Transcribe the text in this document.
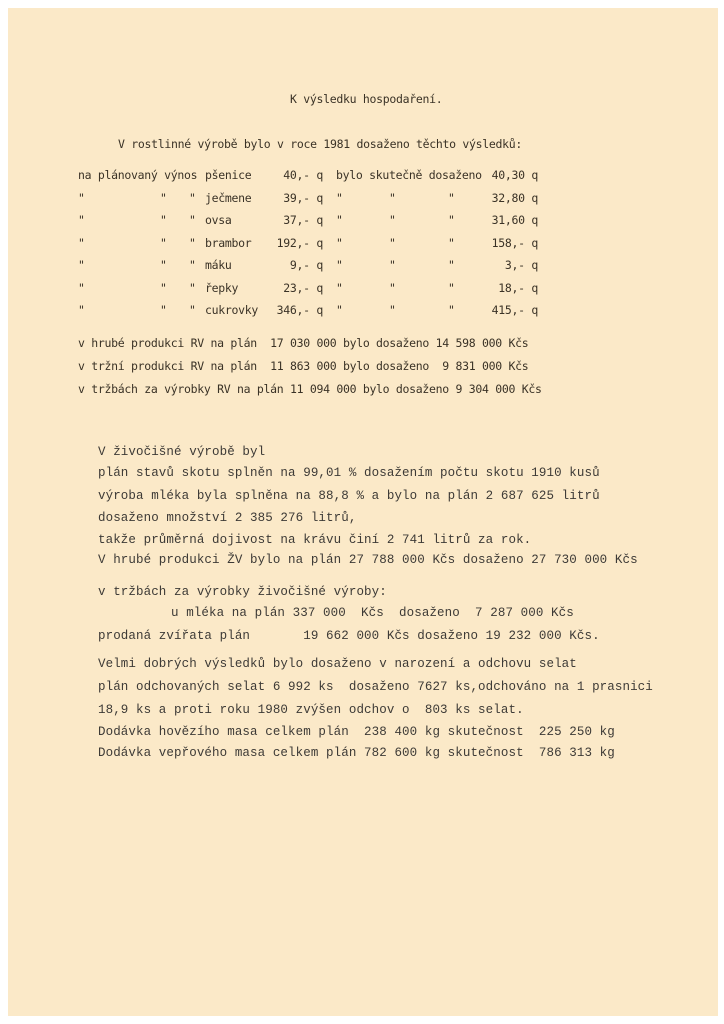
K výsledku hospodaření.
V rostlinné výrobě bylo v roce 1981 dosaženo těchto výsledků:
na plánovaný výnos pšenice	40,- q bylo skutečně dosaženo 40,30 q
"	" " ječmene	39,- q "	"	"	32,80 q
"	" " ovsa	37,- q "	"	"	31,60 q
"	" " brambor	192,- q "	"	"	158,- q
"	" " máku	9,- q "	"	"	3,- q
"	" " řepky	23,- q "	"	"	18,- q
"	" " cukrovky	346,- q "	"	"	415,- q
v hrubé produkci RV na plán  17 030 000 bylo dosaženo 14 598 000 Kčs
v tržní produkci RV na plán  11 863 000 bylo dosaženo  9 831 000 Kčs
v tržbách za výrobky RV na plán 11 094 000 bylo dosaženo 9 304 000 Kčs
V živočišné výrobě byl
plán stavů skotu splněn na 99,01 % dosažením počtu skotu 1910 kusů
výroba mléka byla splněna na 88,8 % a bylo na plán 2 687 625 litrů
dosaženo množství 2 385 276 litrů,
takže průměrná dojivost na krávu činí 2 741 litrů za rok.
V hrubé produkci ŽV bylo na plán 27 788 000 Kčs dosaženo 27 730 000 Kčs
v tržbách za výrobky živočišné výroby:
u mléka na plán 337 000  Kčs  dosaženo  7 287 000 Kčs
prodaná zvířata plán       19 662 000 Kčs dosaženo 19 232 000 Kčs.
Velmi dobrých výsledků bylo dosaženo v narození a odchovu selat
plán odchovaných selat 6 992 ks  dosaženo 7627 ks,odchováno na 1 prasnici
18,9 ks a proti roku 1980 zvýšen odchov o  803 ks selat.
Dodávka hovězího masa celkem plán  238 400 kg skutečnost  225 250 kg
Dodávka vepřového masa celkem plán 782 600 kg skutečnost  786 313 kg
